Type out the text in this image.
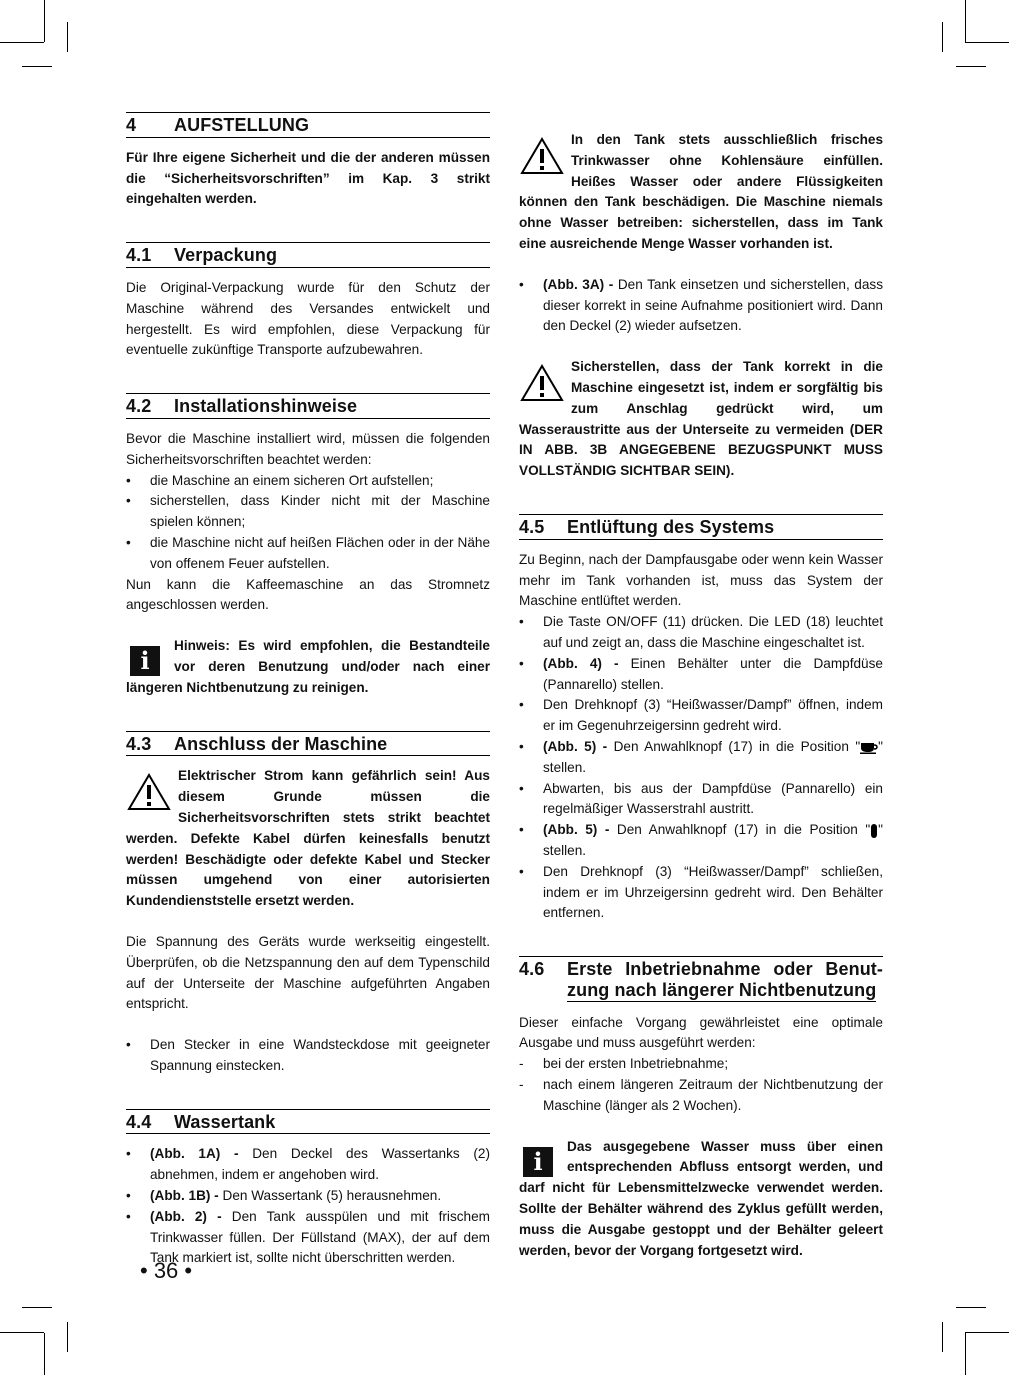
4	AUFSTELLUNG

Für Ihre eigene Sicherheit und die der anderen müssen die “Sicherheitsvorschriften” im Kap. 3 strikt eingehalten werden.

4.1	Verpackung

Die Original-Verpackung wurde für den Schutz der Maschine während des Versandes entwickelt und hergestellt. Es wird empfohlen, diese Verpackung für eventuelle zukünftige Transporte aufzubewahren.

4.2	Installationshinweise

Bevor die Maschine installiert wird, müssen die folgenden Sicherheitsvorschriften beachtet werden:

• die Maschine an einem sicheren Ort aufstellen;
• sicherstellen, dass Kinder nicht mit der Maschine spielen können;
• die Maschine nicht auf heißen Flächen oder in der Nähe von offenem Feuer aufstellen.

Nun kann die Kaffeemaschine an das Stromnetz angeschlossen werden.

i
Hinweis: Es wird empfohlen, die Bestandteile vor deren Benutzung und/oder nach einer längeren Nichtbenutzung zu reinigen.
4.3	Anschluss der Maschine
Elektrischer Strom kann gefährlich sein! Aus diesem Grunde müssen die Sicherheitsvorschriften stets strikt beachtet werden. Defekte Kabel dürfen keinesfalls benutzt werden! Beschädigte oder defekte Kabel und Stecker müssen umgehend von einer autorisierten Kundendienststelle ersetzt werden.

Die Spannung des Geräts wurde werkseitig eingestellt. Überprüfen, ob die Netzspannung den auf dem Typenschild auf der Unterseite der Maschine aufgeführten Angaben entspricht.

• Den Stecker in eine Wandsteckdose mit geeigneter Spannung einstecken.
4.4	Wassertank
• (Abb. 1A) - Den Deckel des Wassertanks (2) abnehmen, indem er angehoben wird.
• (Abb. 1B) - Den Wassertank (5) herausnehmen.
• (Abb. 2) - Den Tank ausspülen und mit frischem Trinkwasser füllen. Der Füllstand (MAX), der auf dem Tank markiert ist, sollte nicht überschritten werden.
In den Tank stets ausschließlich frisches Trinkwasser ohne Kohlensäure einfüllen. Heißes Wasser oder andere Flüssigkeiten können den Tank beschädigen. Die Maschine niemals ohne Wasser betreiben: sicherstellen, dass im Tank eine ausreichende Menge Wasser vorhanden ist.
• (Abb. 3A) - Den Tank einsetzen und sicherstellen, dass dieser korrekt in seine Aufnahme positioniert wird. Dann den Deckel (2) wieder aufsetzen.
Sicherstellen, dass der Tank korrekt in die Maschine eingesetzt ist, indem er sorgfältig bis zum Anschlag gedrückt wird, um Wasseraustritte aus der Unterseite zu vermeiden (DER IN ABB. 3B ANGEGEBENE BEZUGSPUNKT MUSS VOLLSTÄNDIG SICHTBAR SEIN).
4.5	Entlüftung des Systems

Zu Beginn, nach der Dampfausgabe oder wenn kein Wasser mehr im Tank vorhanden ist, muss das System der Maschine entlüftet werden.

• Die Taste ON/OFF (11) drücken. Die LED (18) leuchtet auf und zeigt an, dass die Maschine eingeschaltet ist.
• (Abb. 4) - Einen Behälter unter die Dampfdüse (Pannarello) stellen.
• Den Drehknopf (3) “Heißwasser/Dampf” öffnen, indem er im Gegenuhrzeigersinn gedreht wird.
• (Abb. 5) - Den Anwahlknopf (17) in die Position " " stellen.
• Abwarten, bis aus der Dampfdüse (Pannarello) ein regelmäßiger Wasserstrahl austritt.
• (Abb. 5) - Den Anwahlknopf (17) in die Position " " stellen.
• Den Drehknopf (3) “Heißwasser/Dampf” schließen, indem er im Uhrzeigersinn gedreht wird. Den Behälter entfernen.
4.6	Erste Inbetriebnahme oder Benut-
zung nach längerer Nichtbenutzung

Dieser einfache Vorgang gewährleistet eine optimale Ausgabe und muss ausgeführt werden:

- bei der ersten Inbetriebnahme;
- nach einem längeren Zeitraum der Nichtbenutzung der Maschine (länger als 2 Wochen).
i
Das ausgegebene Wasser muss über einen entsprechenden Abfluss entsorgt werden, und darf nicht für Lebensmittelzwecke verwendet werden. Sollte der Behälter während des Zyklus gefüllt werden, muss die Ausgabe gestoppt und der Behälter geleert werden, bevor der Vorgang fortgesetzt wird.
• 36 •
